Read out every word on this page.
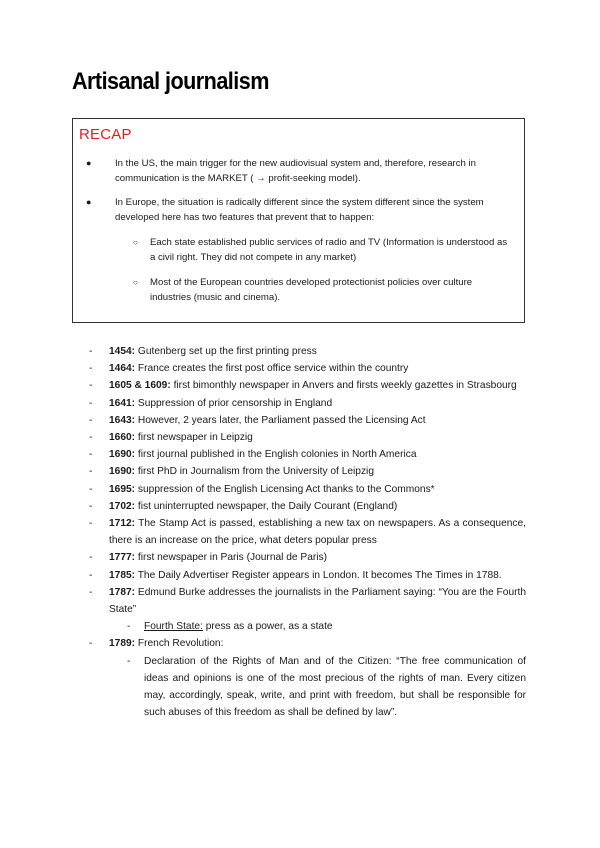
Artisanal journalism
RECAP
● In the US, the main trigger for the new audiovisual system and, therefore, research in communication is the MARKET ( → profit-seeking model).
● In Europe, the situation is radically different since the system different since the system developed here has two features that prevent that to happen:
○ Each state established public services of radio and TV (Information is understood as a civil right. They did not compete in any market)
○ Most of the European countries developed protectionist policies over culture industries (music and cinema).
- 1454: Gutenberg set up the first printing press
- 1464: France creates the first post office service within the country
- 1605 & 1609: first bimonthly newspaper in Anvers and firsts weekly gazettes in Strasbourg
- 1641: Suppression of prior censorship in England
- 1643: However, 2 years later, the Parliament passed the Licensing Act
- 1660: first newspaper in Leipzig
- 1690: first journal published in the English colonies in North America
- 1690: first PhD in Journalism from the University of Leipzig
- 1695: suppression of the English Licensing Act thanks to the Commons*
- 1702: fist uninterrupted newspaper, the Daily Courant (England)
- 1712: The Stamp Act is passed, establishing a new tax on newspapers. As a consequence, there is an increase on the price, what deters popular press
- 1777: first newspaper in Paris (Journal de Paris)
- 1785: The Daily Advertiser Register appears in London. It becomes The Times in 1788.
- 1787: Edmund Burke addresses the journalists in the Parliament saying: “You are the Fourth State”
- Fourth State: press as a power, as a state
- 1789: French Revolution:
- Declaration of the Rights of Man and of the Citizen: “The free communication of ideas and opinions is one of the most precious of the rights of man. Every citizen may, accordingly, speak, write, and print with freedom, but shall be responsible for such abuses of this freedom as shall be defined by law”.
